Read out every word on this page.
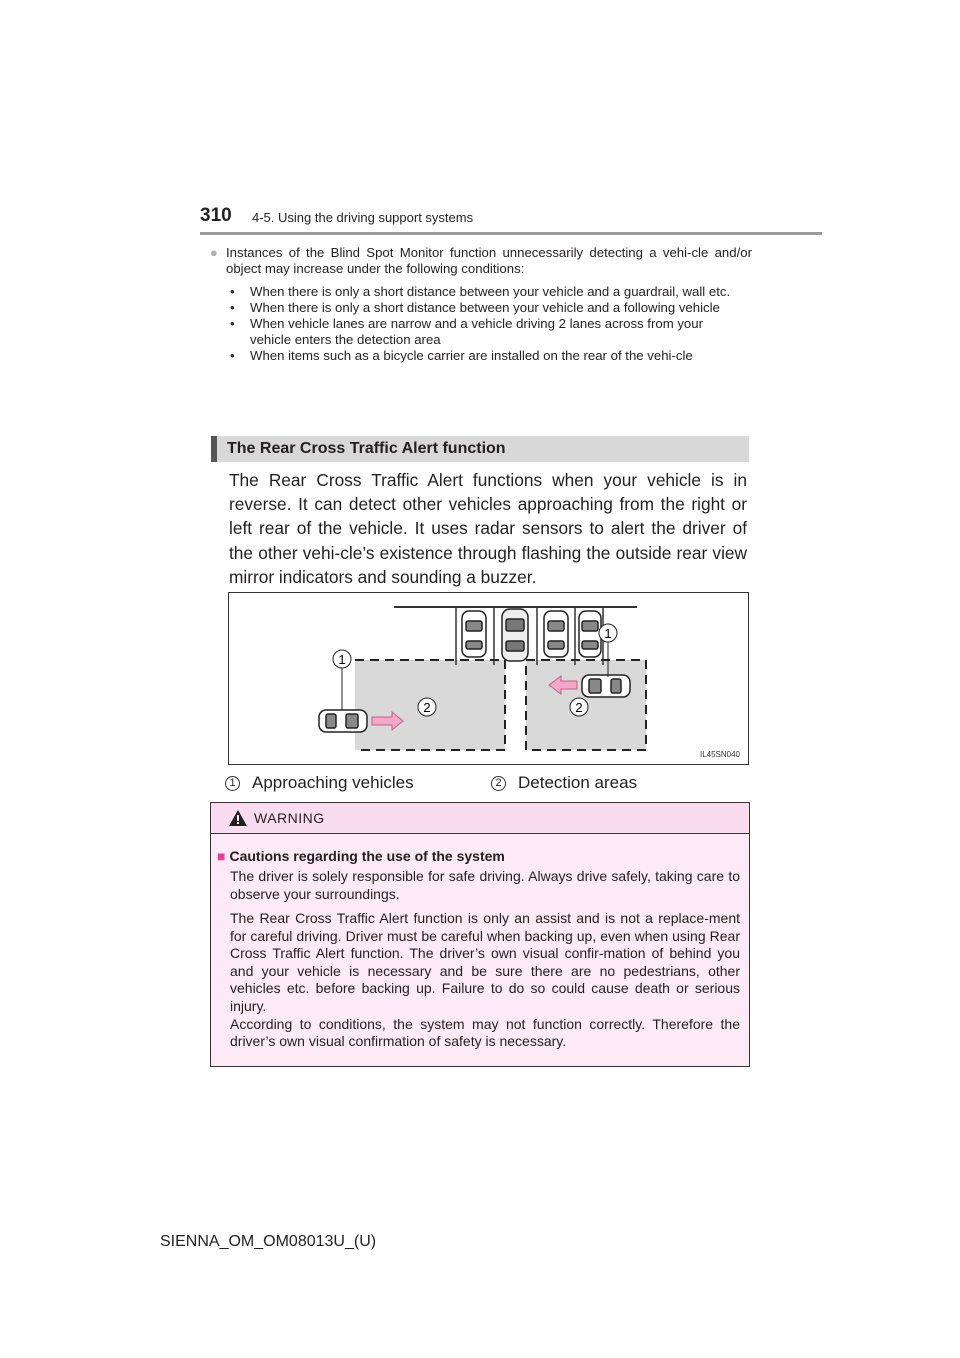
310 4-5. Using the driving support systems
● Instances of the Blind Spot Monitor function unnecessarily detecting a vehi-cle and/or object may increase under the following conditions:
• When there is only a short distance between your vehicle and a guardrail, wall etc.
• When there is only a short distance between your vehicle and a following vehicle
• When vehicle lanes are narrow and a vehicle driving 2 lanes across from your vehicle enters the detection area
• When items such as a bicycle carrier are installed on the rear of the vehi-cle
The Rear Cross Traffic Alert function
The Rear Cross Traffic Alert functions when your vehicle is in reverse. It can detect other vehicles approaching from the right or left rear of the vehicle. It uses radar sensors to alert the driver of the other vehi-cle’s existence through flashing the outside rear view mirror indicators and sounding a buzzer.
1
1
2	2
IL45SN040
1 Approaching vehicles	2 Detection areas
WARNING
■ Cautions regarding the use of the system
The driver is solely responsible for safe driving. Always drive safely, taking care to observe your surroundings.
The Rear Cross Traffic Alert function is only an assist and is not a replace-ment for careful driving. Driver must be careful when backing up, even when using Rear Cross Traffic Alert function. The driver’s own visual confir-mation of behind you and your vehicle is necessary and be sure there are no pedestrians, other vehicles etc. before backing up. Failure to do so could cause death or serious injury.
According to conditions, the system may not function correctly. Therefore the driver’s own visual confirmation of safety is necessary.
SIENNA_OM_OM08013U_(U)
